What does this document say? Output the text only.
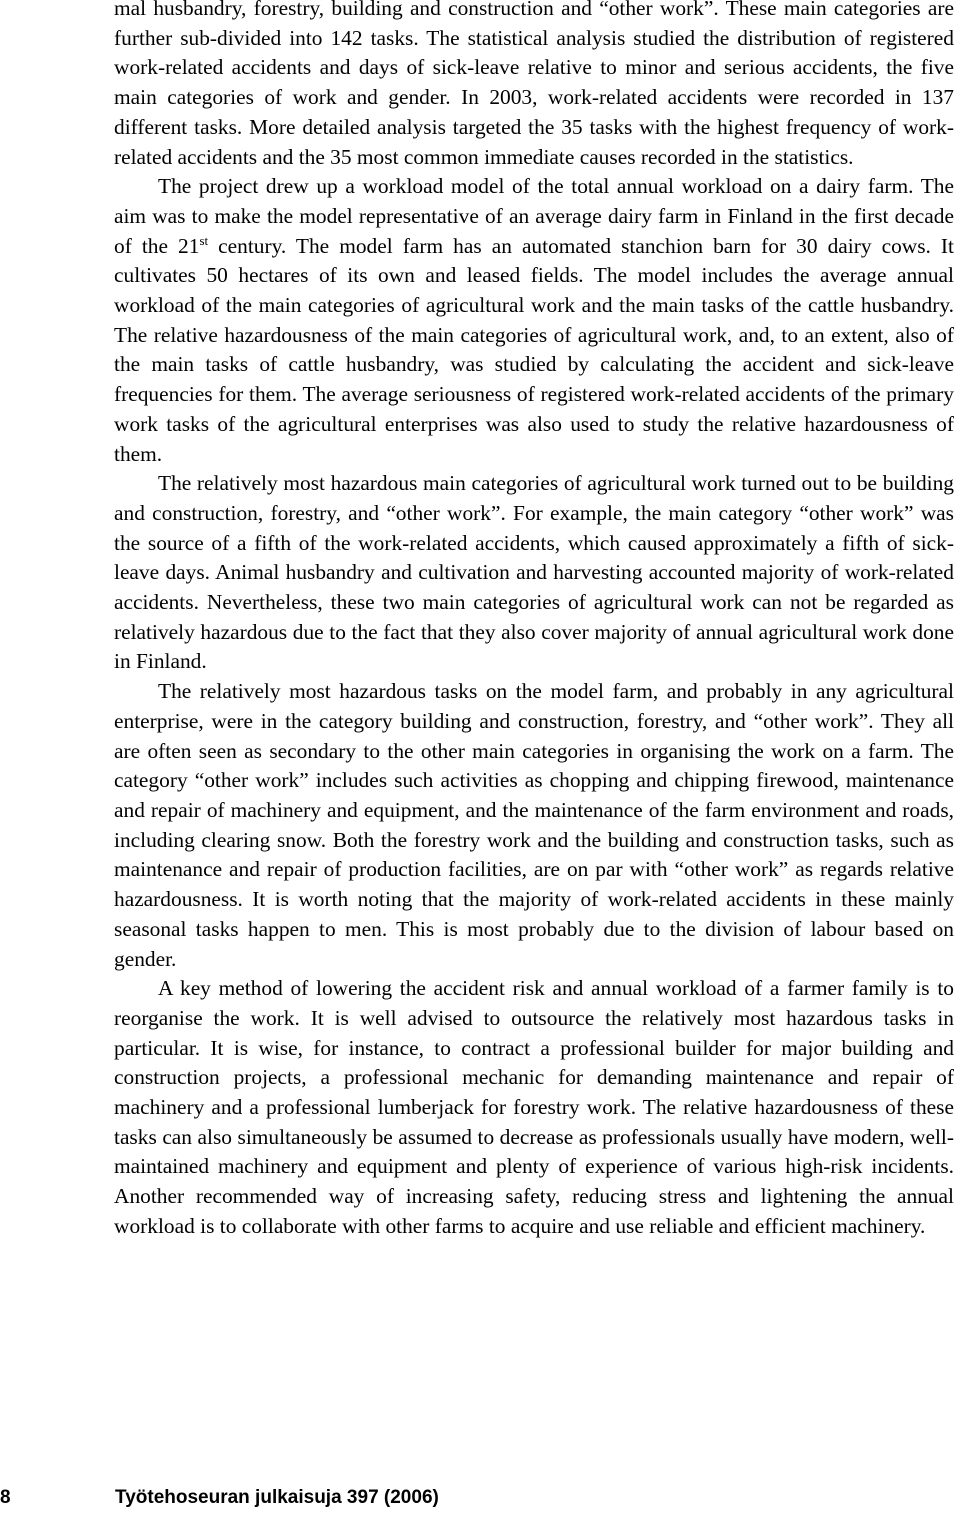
mal husbandry, forestry, building and construction and “other work”. These main categories are further sub-divided into 142 tasks. The statistical analysis studied the distribution of registered work-related accidents and days of sick-leave relative to minor and serious accidents, the five main categories of work and gender. In 2003, work-related accidents were recorded in 137 different tasks. More detailed analysis targeted the 35 tasks with the highest frequency of work-related accidents and the 35 most common immediate causes recorded in the statistics.

The project drew up a workload model of the total annual workload on a dairy farm. The aim was to make the model representative of an average dairy farm in Finland in the first decade of the 21st century. The model farm has an automated stanchion barn for 30 dairy cows. It cultivates 50 hectares of its own and leased fields. The model includes the average annual workload of the main categories of agricultural work and the main tasks of the cattle husbandry. The relative hazardousness of the main categories of agricultural work, and, to an extent, also of the main tasks of cattle husbandry, was studied by calculating the accident and sick-leave frequencies for them. The average seriousness of registered work-related accidents of the primary work tasks of the agricultural enterprises was also used to study the relative hazardousness of them.

The relatively most hazardous main categories of agricultural work turned out to be building and construction, forestry, and “other work”. For example, the main category “other work” was the source of a fifth of the work-related accidents, which caused approximately a fifth of sick-leave days. Animal husbandry and cultivation and harvesting accounted majority of work-related accidents. Nevertheless, these two main categories of agricultural work can not be regarded as relatively hazardous due to the fact that they also cover majority of annual agricultural work done in Finland.

The relatively most hazardous tasks on the model farm, and probably in any agricultural enterprise, were in the category building and construction, forestry, and “other work”. They all are often seen as secondary to the other main categories in organising the work on a farm. The category “other work” includes such activities as chopping and chipping firewood, maintenance and repair of machinery and equipment, and the maintenance of the farm environment and roads, including clearing snow. Both the forestry work and the building and construction tasks, such as maintenance and repair of production facilities, are on par with “other work” as regards relative hazardousness. It is worth noting that the majority of work-related accidents in these mainly seasonal tasks happen to men. This is most probably due to the division of labour based on gender.

A key method of lowering the accident risk and annual workload of a farmer family is to reorganise the work. It is well advised to outsource the relatively most hazardous tasks in particular. It is wise, for instance, to contract a professional builder for major building and construction projects, a professional mechanic for demanding maintenance and repair of machinery and a professional lumberjack for forestry work. The relative hazardousness of these tasks can also simultaneously be assumed to decrease as professionals usually have modern, well-maintained machinery and equipment and plenty of experience of various high-risk incidents. Another recommended way of increasing safety, reducing stress and lightening the annual workload is to collaborate with other farms to acquire and use reliable and efficient machinery.

8	Työtehoseuran julkaisuja 397 (2006)
